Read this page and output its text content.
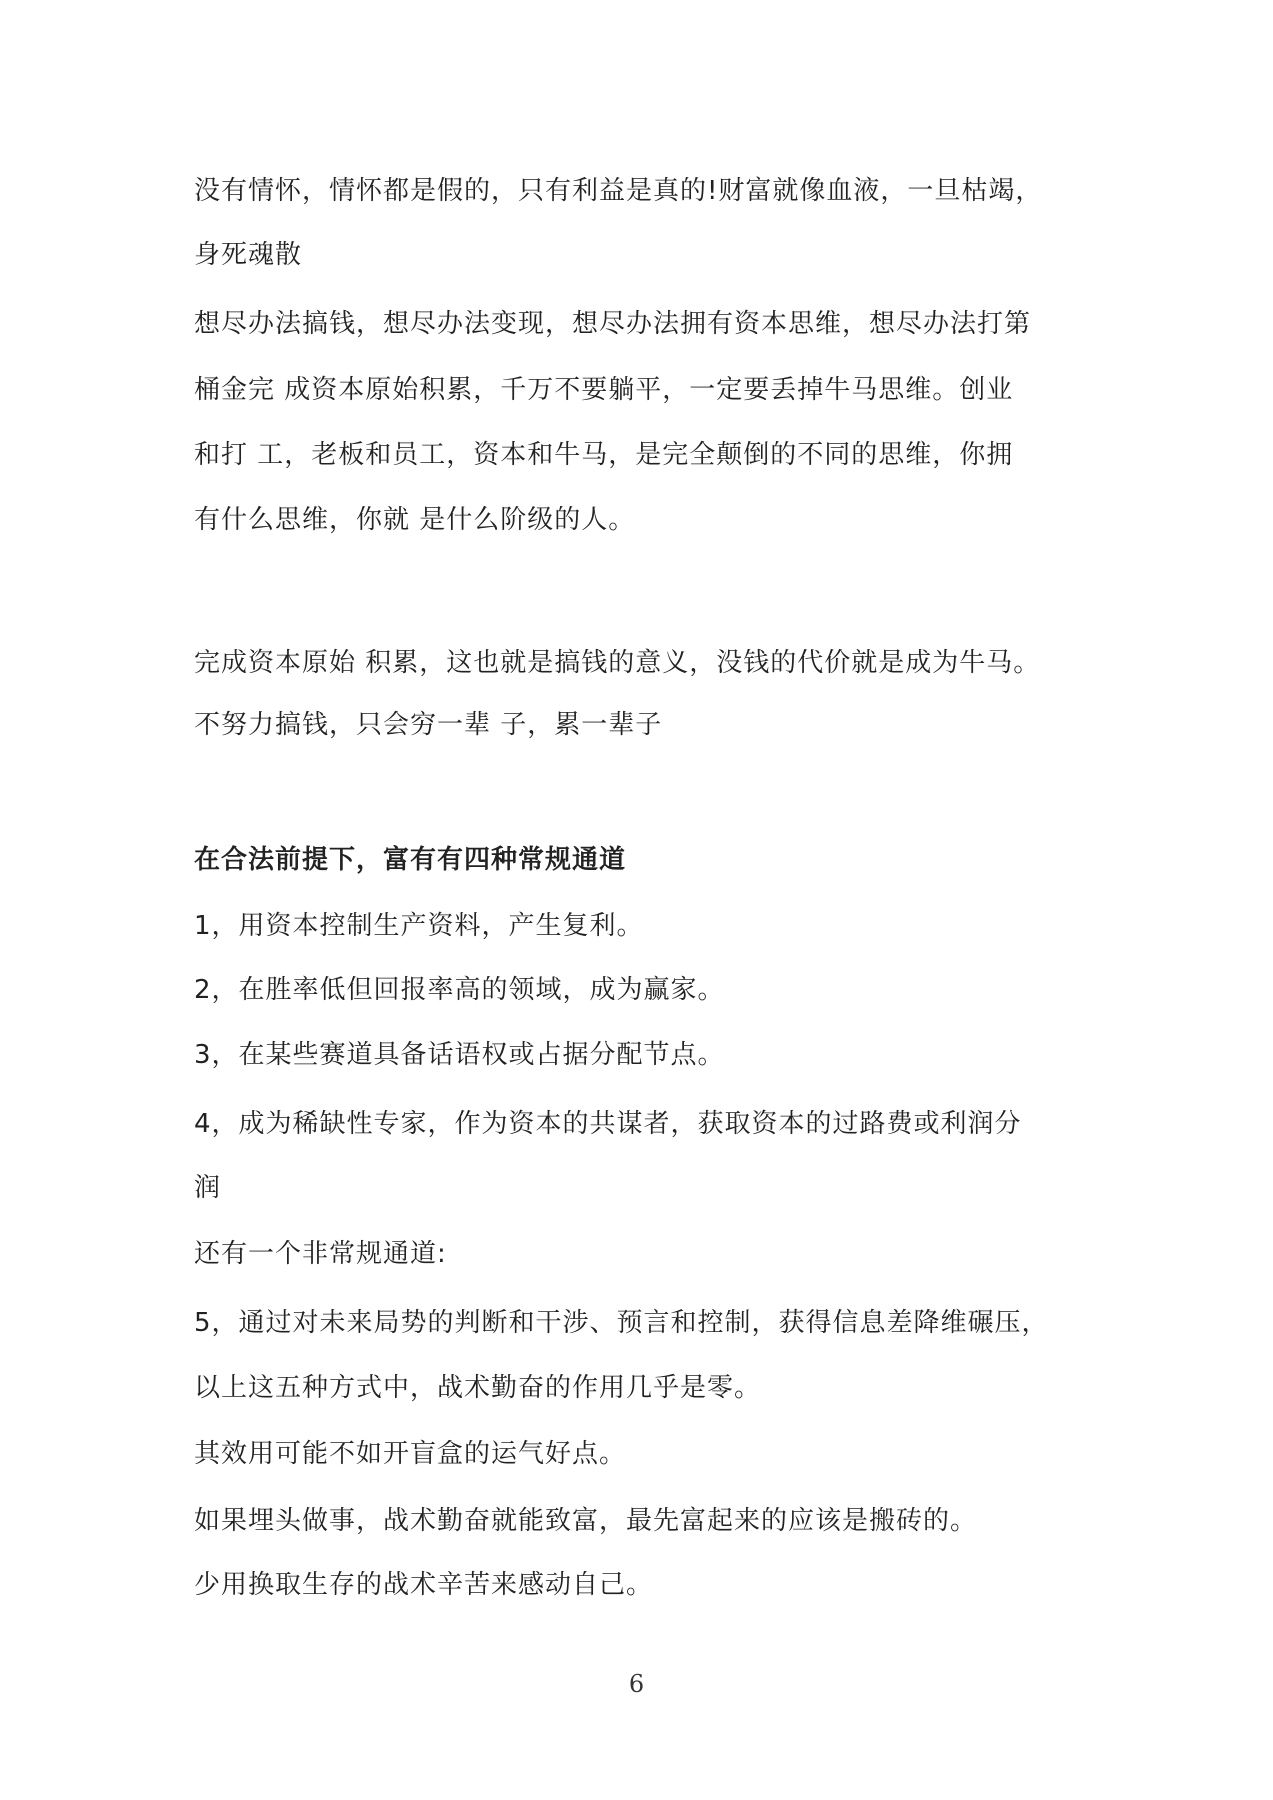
没有情怀，情怀都是假的，只有利益是真的!财富就像血液，一旦枯竭，
身死魂散
想尽办法搞钱，想尽办法变现，想尽办法拥有资本思维，想尽办法打第
桶金完 成资本原始积累，千万不要躺平，一定要丢掉牛马思维。创业
和打 工，老板和员工，资本和牛马，是完全颠倒的不同的思维，你拥
有什么思维，你就 是什么阶级的人。
完成资本原始 积累，这也就是搞钱的意义，没钱的代价就是成为牛马。
不努力搞钱，只会穷一辈 子，累一辈子
在合法前提下，富有有四种常规通道
1，用资本控制生产资料，产生复利。
2，在胜率低但回报率高的领域，成为赢家。
3，在某些赛道具备话语权或占据分配节点。
4，成为稀缺性专家，作为资本的共谋者，获取资本的过路费或利润分
润
还有一个非常规通道:
5，通过对未来局势的判断和干涉、预言和控制，获得信息差降维碾压，
以上这五种方式中，战术勤奋的作用几乎是零。
其效用可能不如开盲盒的运气好点。
如果埋头做事，战术勤奋就能致富，最先富起来的应该是搬砖的。
少用换取生存的战术辛苦来感动自己。
6
